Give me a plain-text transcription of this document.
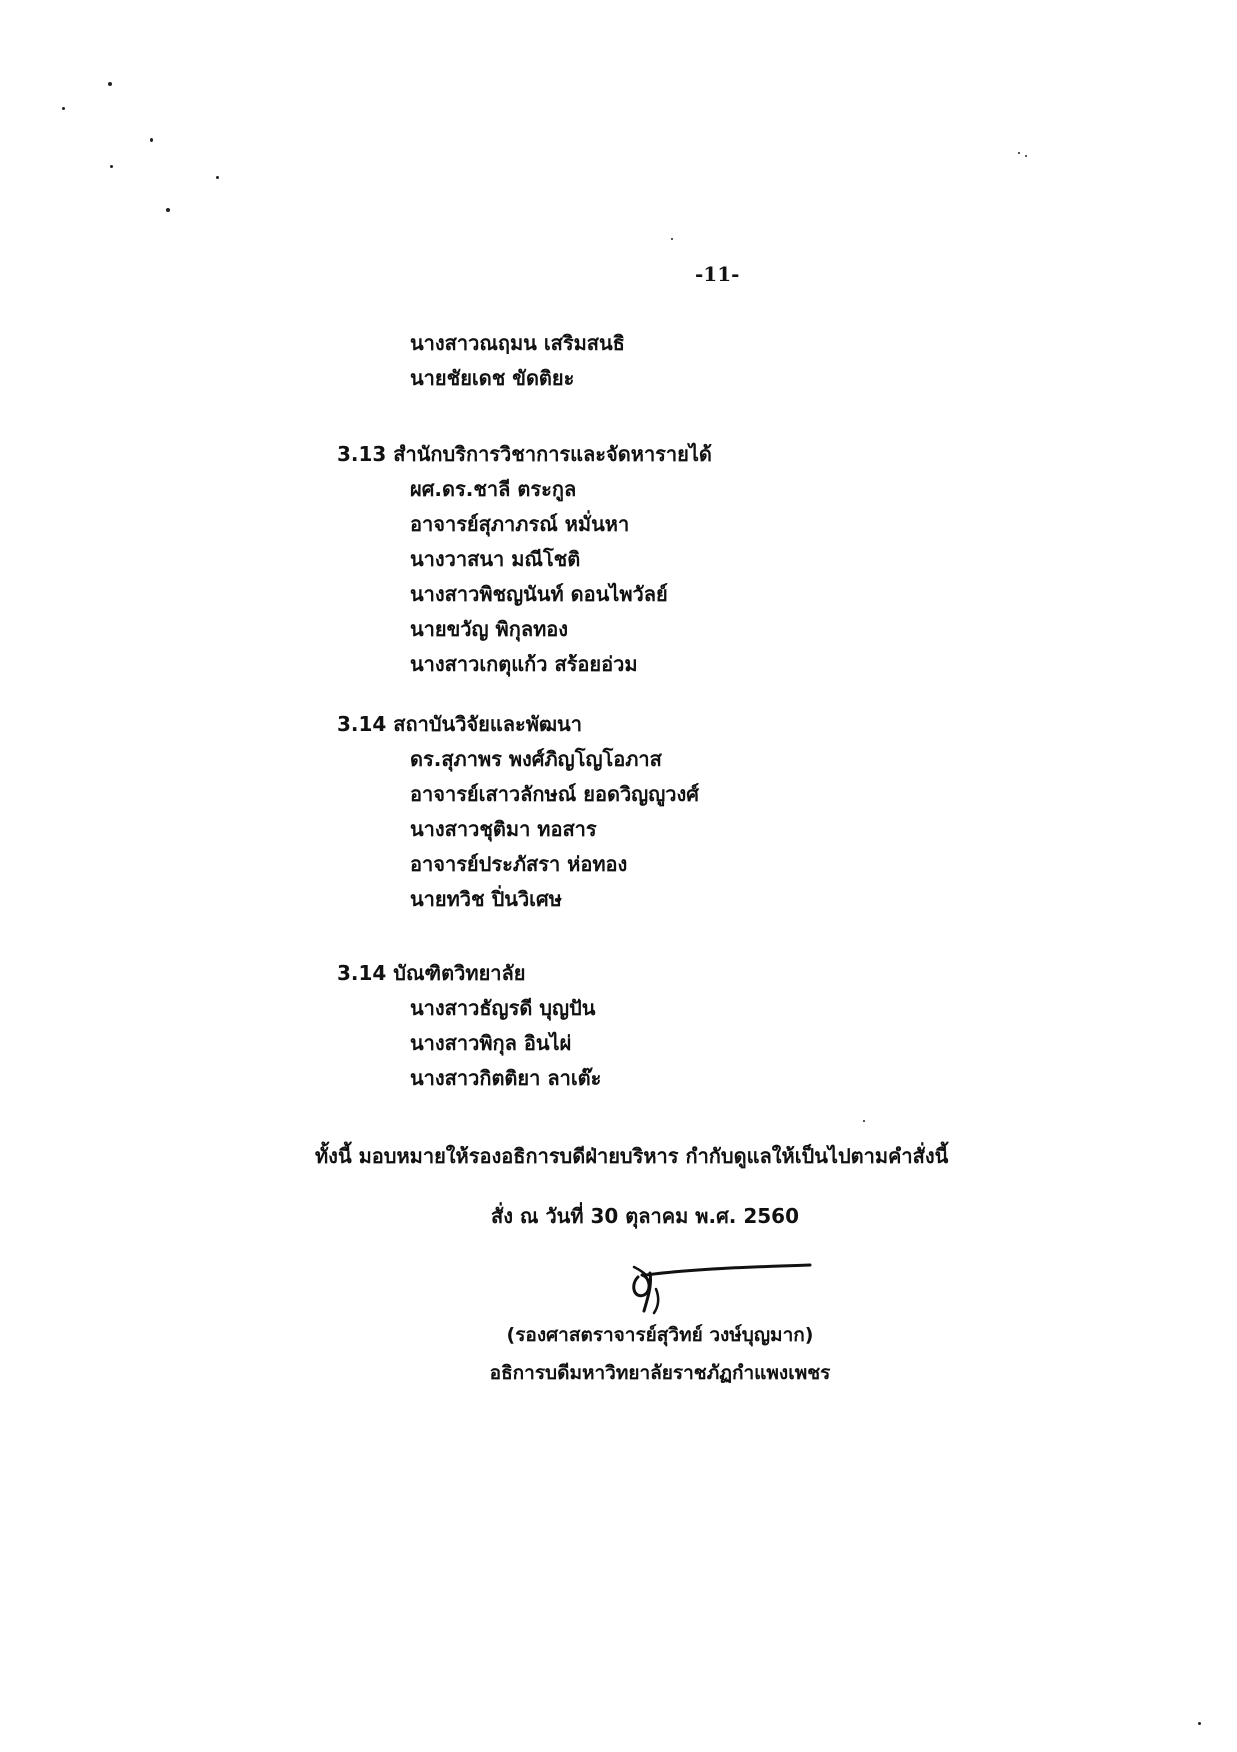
-11-
นางสาวณฤมน เสริมสนธิ
นายชัยเดช ขัดติยะ
3.13 สำนักบริการวิชาการและจัดหารายได้
ผศ.ดร.ชาลี ตระกูล
อาจารย์สุภาภรณ์ หมั่นหา
นางวาสนา มณีโชติ
นางสาวพิชญนันท์ ดอนไพวัลย์
นายขวัญ พิกุลทอง
นางสาวเกตุแก้ว สร้อยอ่วม
3.14 สถาบันวิจัยและพัฒนา
ดร.สุภาพร พงศ์ภิญโญโอภาส
อาจารย์เสาวลักษณ์ ยอดวิญญูวงศ์
นางสาวชุติมา ทอสาร
อาจารย์ประภัสรา ห่อทอง
นายทวิช ปิ่นวิเศษ
3.14 บัณฑิตวิทยาลัย
นางสาวธัญรดี บุญปัน
นางสาวพิกุล อินไผ่
นางสาวกิตติยา ลาเต๊ะ
ทั้งนี้ มอบหมายให้รองอธิการบดีฝ่ายบริหาร กำกับดูแลให้เป็นไปตามคำสั่งนี้
สั่ง ณ วันที่ 30 ตุลาคม พ.ศ. 2560
(รองศาสตราจารย์สุวิทย์ วงษ์บุญมาก)
อธิการบดีมหาวิทยาลัยราชภัฏกำแพงเพชร
